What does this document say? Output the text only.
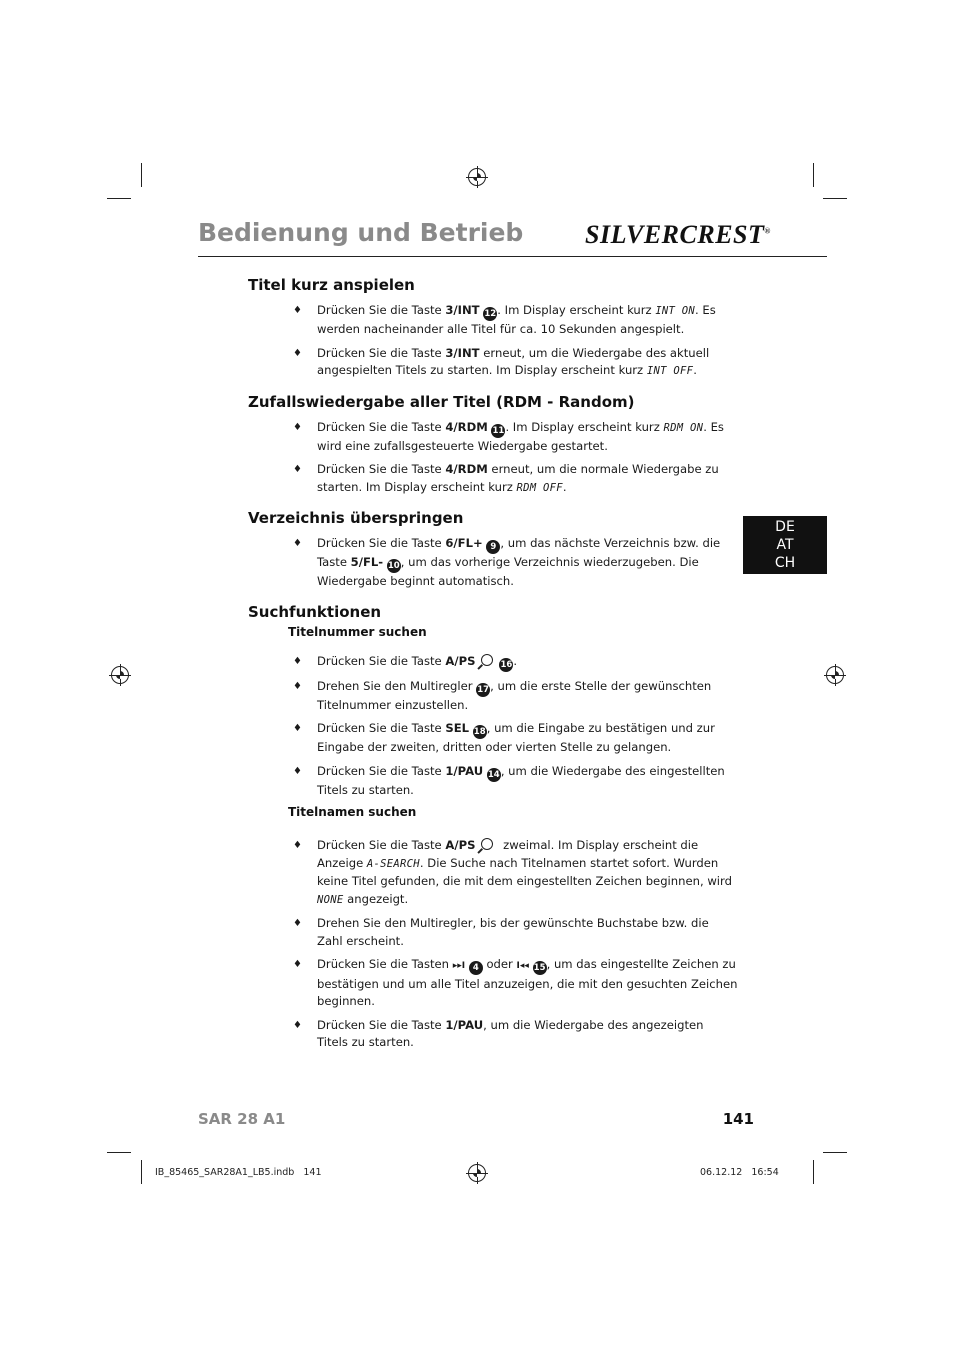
Bedienung und Betrieb SILVERCREST®
DE
AT
CH
Titel kurz anspielen
♦ Drücken Sie die Taste 3/INT 12. Im Display erscheint kurz INT ON. Es werden nacheinander alle Titel für ca. 10 Sekunden angespielt.
♦ Drücken Sie die Taste 3/INT erneut, um die Wiedergabe des aktuell angespielten Titels zu starten. Im Display erscheint kurz INT OFF.
Zufallswiedergabe aller Titel (RDM - Random)
♦ Drücken Sie die Taste 4/RDM 11. Im Display erscheint kurz RDM ON. Es wird eine zufallsgesteuerte Wiedergabe gestartet.
♦ Drücken Sie die Taste 4/RDM erneut, um die normale Wiedergabe zu starten. Im Display erscheint kurz RDM OFF.
Verzeichnis überspringen
♦ Drücken Sie die Taste 6/FL+ 9 , um das nächste Verzeichnis bzw. die Taste 5/FL- 10, um das vorherige Verzeichnis wiederzugeben. Die Wiedergabe beginnt automatisch.
Suchfunktionen
Titelnummer suchen
♦ Drücken Sie die Taste A/PS	16.
♦ Drehen Sie den Multiregler 17, um die erste Stelle der gewünschten Titelnummer einzustellen.
♦ Drücken Sie die Taste SEL 18, um die Eingabe zu bestätigen und zur Eingabe der zweiten, dritten oder vierten Stelle zu gelangen.
♦ Drücken Sie die Taste 1/PAU 14, um die Wiedergabe des eingestellten Titels zu starten.
Titelnamen suchen
♦ Drücken Sie die Taste A/PS zweimal. Im Display erscheint die Anzeige A-SEARCH. Die Suche nach Titelnamen startet sofort. Wurden keine Titel gefunden, die mit dem eingestellten Zeichen beginnen, wird NONE angezeigt.
♦ Drehen Sie den Multiregler, bis der gewünschte Buchstabe bzw. die Zahl erscheint.
♦ Drücken Sie die Tasten ▸▸I 4 oder I◂◂ 15, um das eingestellte Zeichen zu bestätigen und um alle Titel anzuzeigen, die mit den gesuchten Zeichen beginnen.
♦ Drücken Sie die Taste 1/PAU, um die Wiedergabe des angezeigten Titels zu starten.
SAR 28 A1	141
IB_85465_SAR28A1_LB5.indb   141	06.12.12   16:54
